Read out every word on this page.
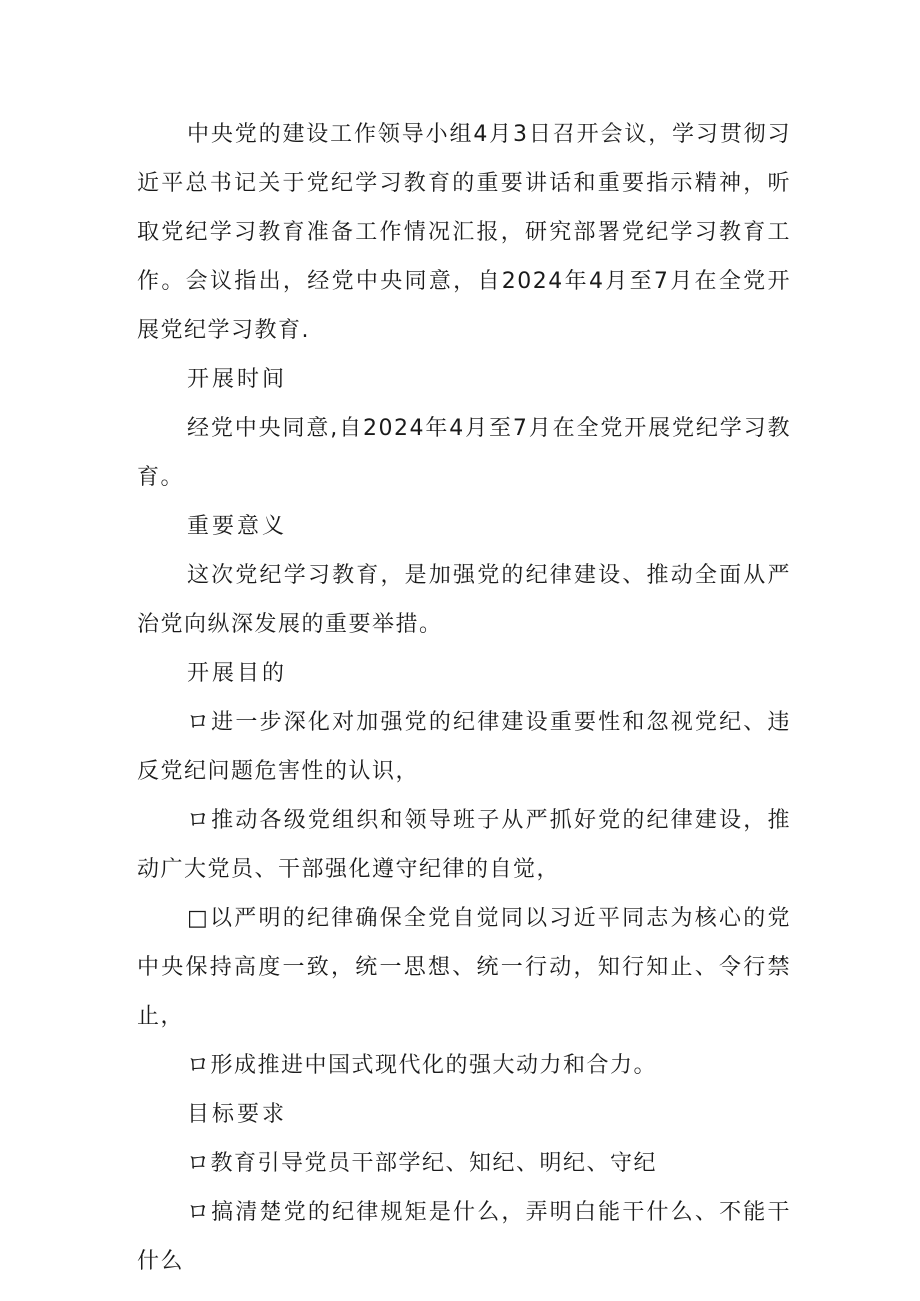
中央党的建设工作领导小组4月3日召开会议，学习贯彻习近平总书记关于党纪学习教育的重要讲话和重要指示精神，听取党纪学习教育准备工作情况汇报，研究部署党纪学习教育工作。会议指出，经党中央同意，自2024年4月至7月在全党开展党纪学习教育.

开展时间

经党中央同意,自2024年4月至7月在全党开展党纪学习教育。

重要意义

这次党纪学习教育，是加强党的纪律建设、推动全面从严治党向纵深发展的重要举措。

开展目的

ロ进一步深化对加强党的纪律建设重要性和忽视党纪、违反党纪问题危害性的认识，

ロ推动各级党组织和领导班子从严抓好党的纪律建设，推动广大党员、干部强化遵守纪律的自觉，

□以严明的纪律确保全党自觉同以习近平同志为核心的党中央保持高度一致，统一思想、统一行动，知行知止、令行禁止，

ロ形成推进中国式现代化的强大动力和合力。

目标要求

ロ教育引导党员干部学纪、知纪、明纪、守纪

ロ搞清楚党的纪律规矩是什么，弄明白能干什么、不能干什么
